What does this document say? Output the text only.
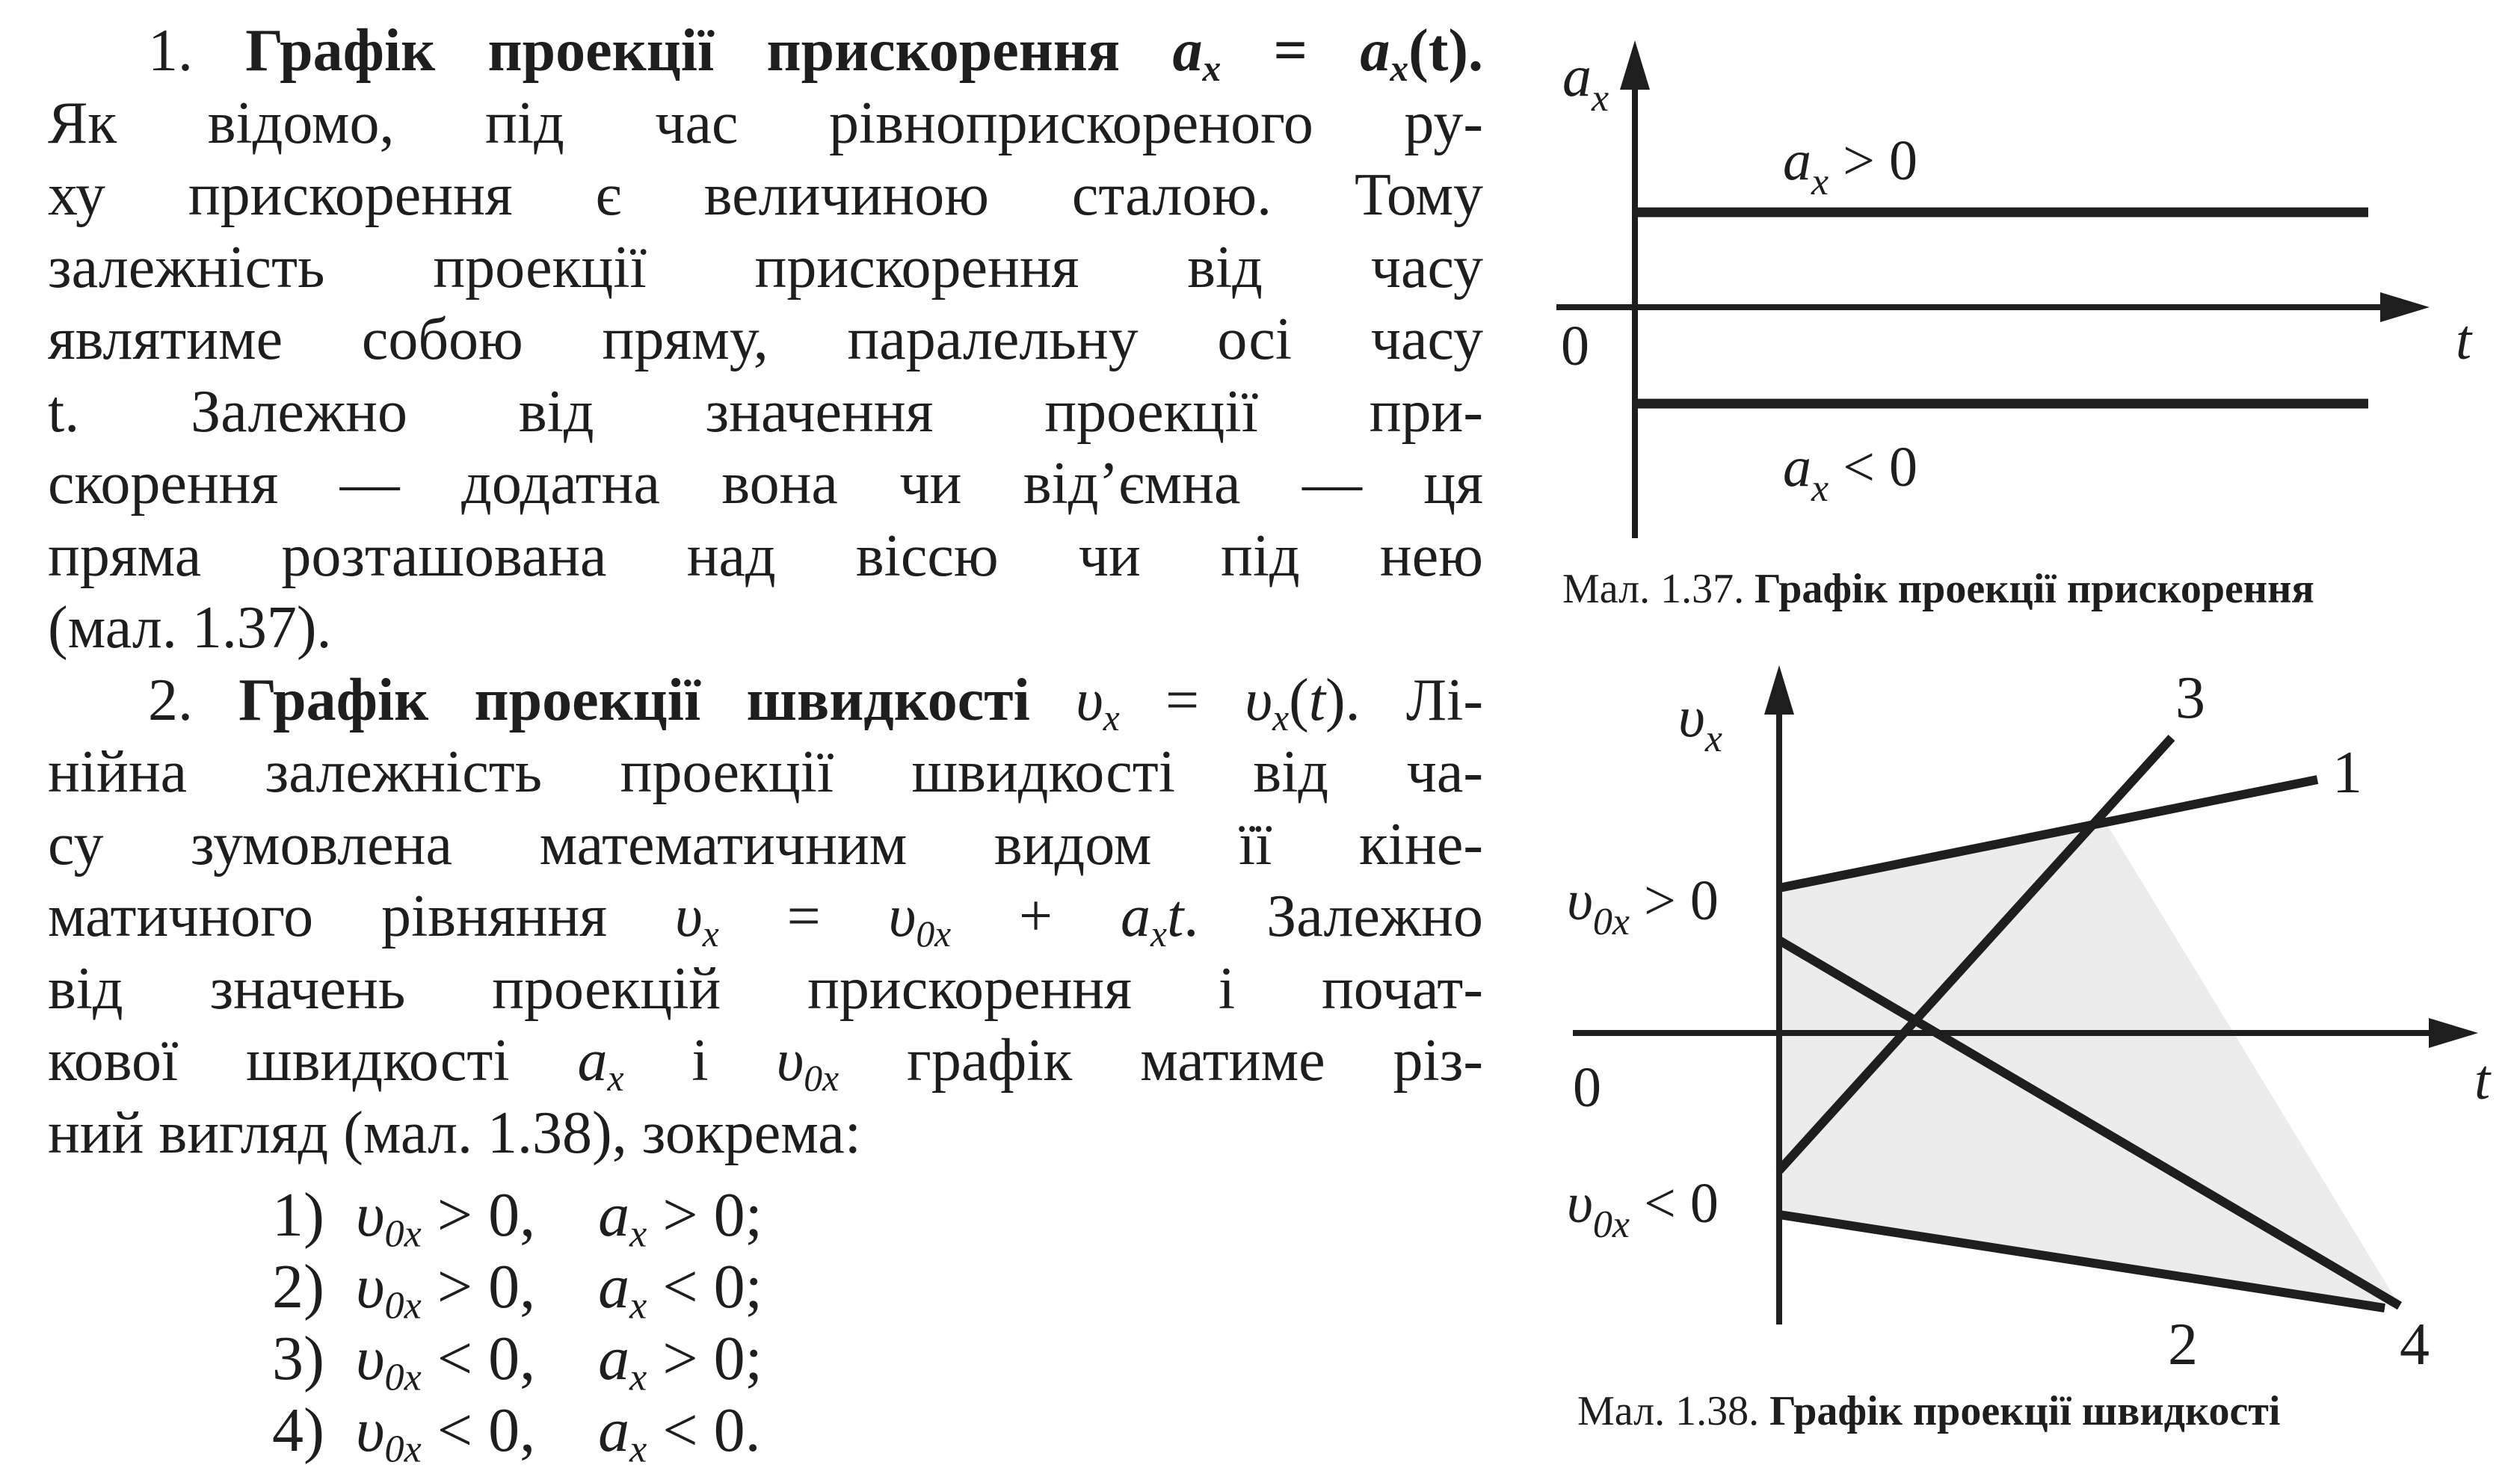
1. Графік проекції прискорення $a_x = a_x(t)$.
Як відомо, під час рівноприскореного ру-
ху прискорення є величиною сталою. Тому
залежність проекції прискорення від часу
являтиме собою пряму, паралельну осі часу
t. Залежно від значення проекції при-
скорення — додатна вона чи від’ємна — ця
пряма розташована над віссю чи під нею
(мал. 1.37).
2. Графік проекції швидкості $\upsilon_x = \upsilon_x(t)$. Лі-
нійна залежність проекції швидкості від ча-
су зумовлена математичним видом її кіне-
матичного рівняння $\upsilon_x = \upsilon_{0x} + a_xt$. Залежно
від значень проекцій прискорення і почат-
кової швидкості $a_x$ і $\upsilon_{0x}$ графік матиме різ-
ний вигляд (мал. 1.38), зокрема:
1) $\upsilon_{0x} > 0$,    $a_x > 0$;
2) $\upsilon_{0x} > 0$,    $a_x < 0$;
3) $\upsilon_{0x} < 0$,    $a_x > 0$;
4) $\upsilon_{0x} < 0$,    $a_x < 0$.
$a_x$
0	t
$a_x > 0$
$a_x < 0$
Мал. 1.37. Графік проекції прискорення
$\upsilon_x$
0	t
$\upsilon_{0x} > 0$
$\upsilon_{0x} < 0$
1
2
3
4
Мал. 1.38. Графік проекції швидкості
